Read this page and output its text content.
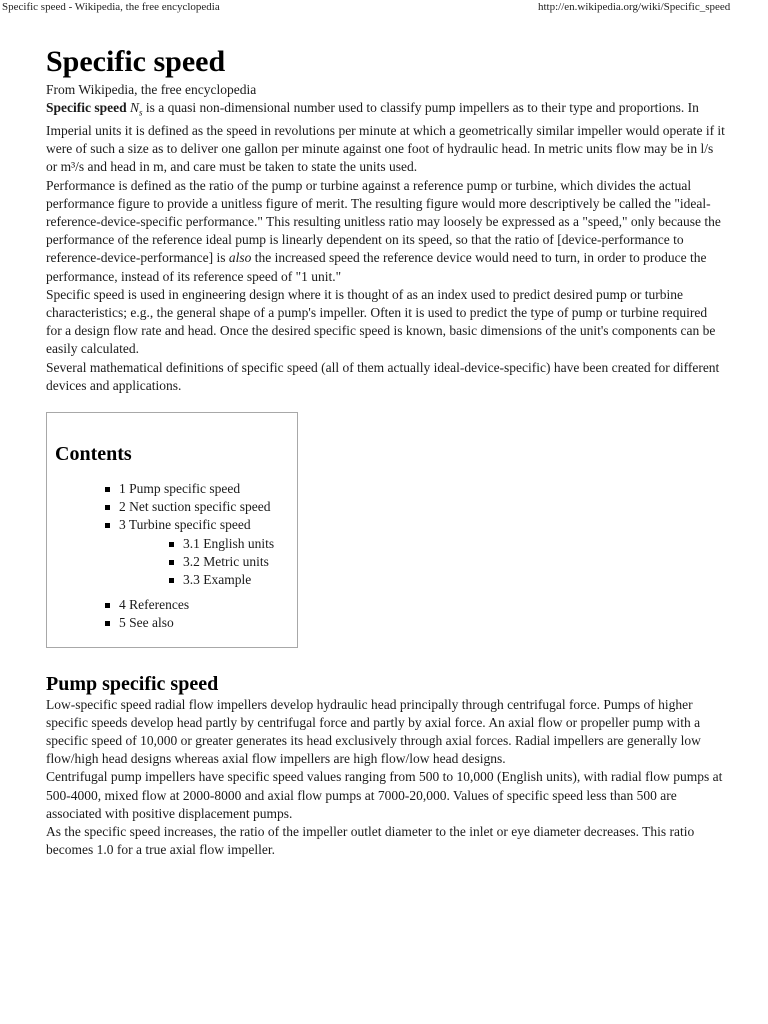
Specific speed - Wikipedia, the free encyclopedia	http://en.wikipedia.org/wiki/Specific_speed
Specific speed
From Wikipedia, the free encyclopedia

Specific speed $N_s$ is a quasi non-dimensional number used to classify pump impellers as to their type and proportions. In Imperial units it is defined as the speed in revolutions per minute at which a geometrically similar impeller would operate if it were of such a size as to deliver one gallon per minute against one foot of hydraulic head. In metric units flow may be in l/s or m³/s and head in m, and care must be taken to state the units used.

Performance is defined as the ratio of the pump or turbine against a reference pump or turbine, which divides the actual performance figure to provide a unitless figure of merit. The resulting figure would more descriptively be called the "ideal-reference-device-specific performance." This resulting unitless ratio may loosely be expressed as a "speed," only because the performance of the reference ideal pump is linearly dependent on its speed, so that the ratio of [device-performance to reference-device-performance] is also the increased speed the reference device would need to turn, in order to produce the performance, instead of its reference speed of "1 unit."

Specific speed is used in engineering design where it is thought of as an index used to predict desired pump or turbine characteristics; e.g., the general shape of a pump's impeller. Often it is used to predict the type of pump or turbine required for a design flow rate and head. Once the desired specific speed is known, basic dimensions of the unit's components can be easily calculated.

Several mathematical definitions of specific speed (all of them actually ideal-device-specific) have been created for different devices and applications.

Contents
1 Pump specific speed
2 Net suction specific speed
3 Turbine specific speed
3.1 English units
3.2 Metric units
3.3 Example
4 References
5 See also
Pump specific speed

Low-specific speed radial flow impellers develop hydraulic head principally through centrifugal force. Pumps of higher specific speeds develop head partly by centrifugal force and partly by axial force. An axial flow or propeller pump with a specific speed of 10,000 or greater generates its head exclusively through axial forces. Radial impellers are generally low flow/high head designs whereas axial flow impellers are high flow/low head designs.

Centrifugal pump impellers have specific speed values ranging from 500 to 10,000 (English units), with radial flow pumps at 500-4000, mixed flow at 2000-8000 and axial flow pumps at 7000-20,000. Values of specific speed less than 500 are associated with positive displacement pumps.

As the specific speed increases, the ratio of the impeller outlet diameter to the inlet or eye diameter decreases. This ratio becomes 1.0 for a true axial flow impeller.
